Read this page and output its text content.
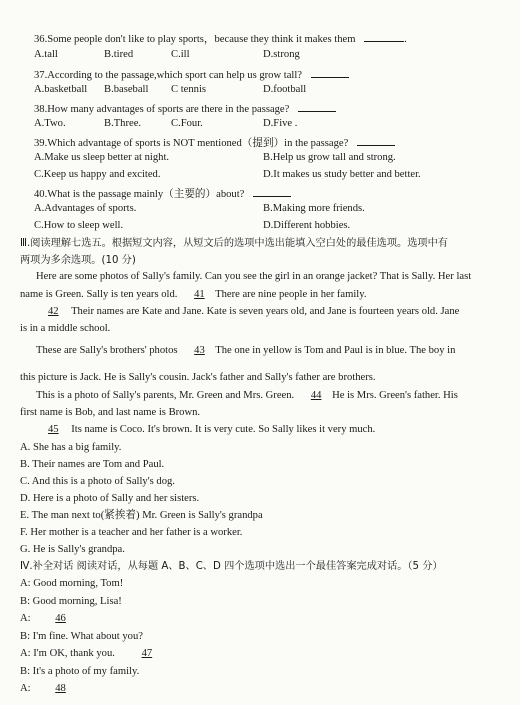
36.Some people don't like to play sports，because they think it makes them	.
A.tall	B.tired	C.ill	D.strong
37.According to the passage,which sport can help us grow tall?
A.basketball B.baseball C tennis	D.football
38.How many advantages of sports are there in the passage?
A.Two.	B.Three.	C.Four.	D.Five .
39.Which advantage of sports is NOT mentioned（提到）in the passage?
A.Make us sleep better at night.	B.Help us grow tall and strong.
C.Keep us happy and excited.	D.It makes us study better and better.
40.What is the passage mainly（主要的）about?
A.Advantages of sports.	B.Making more friends.
C.How to sleep well.	D.Different hobbies.
Ⅲ.阅读理解七选五。根据短文内容，从短文后的选项中选出能填入空白处的最佳选项。选项中有
两项为多余选项。(10 分)
Here are some photos of Sally's family. Can you see the girl in an orange jacket? That is Sally. Her last
name is Green. Sally is ten years old. 41 There are nine people in her family.
42 Their names are Kate and Jane. Kate is seven years old, and Jane is fourteen years old. Jane
is in a middle school.
These are Sally's brothers' photos 43 The one in yellow is Tom and Paul is in blue. The boy in
this picture is Jack. He is Sally's cousin. Jack's father and Sally's father are brothers.
This is a photo of Sally's parents, Mr. Green and Mrs. Green. 44 He is Mrs. Green's father. His
first name is Bob, and last name is Brown.
45 Its name is Coco. It's brown. It is very cute. So Sally likes it very much.
A. She has a big family.
B. Their names are Tom and Paul.
C. And this is a photo of Sally's dog.
D. Here is a photo of Sally and her sisters.
E. The man next to(紧挨着) Mr. Green is Sally's grandpa
F. Her mother is a teacher and her father is a worker.
G. He is Sally's grandpa.
Ⅳ.补全对话 阅读对话，从每题 A、B、C、D 四个选项中选出一个最佳答案完成对话。（5 分）
A: Good morning, Tom!
B: Good morning, Lisa!
A: 46
B: I'm fine. What about you?
A: I'm OK, thank you.	47
B: It's a photo of my family.
A: 48
